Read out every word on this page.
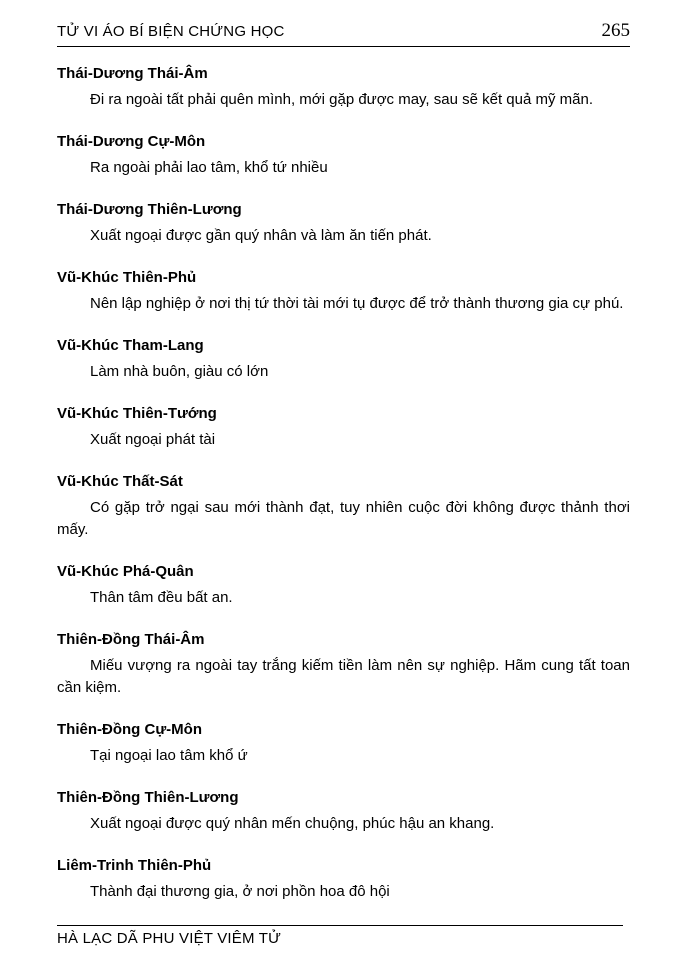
TỬ VI ÁO BÍ BIỆN CHỨNG HỌC	265
Thái-Dương Thái-Âm

Đi ra ngoài tất phải quên mình, mới gặp được may, sau sẽ kết quả mỹ mãn.

Thái-Dương Cự-Môn

Ra ngoài phải lao tâm, khổ tứ nhiều

Thái-Dương Thiên-Lương

Xuất ngoại được gần quý nhân và làm ăn tiến phát.

Vũ-Khúc Thiên-Phủ

Nên lập nghiệp ở nơi thị tứ thời tài mới tụ được để trở thành thương gia cự phú.

Vũ-Khúc Tham-Lang

Làm nhà buôn, giàu có lớn

Vũ-Khúc Thiên-Tướng

Xuất ngoại phát tài

Vũ-Khúc Thất-Sát

Có gặp trở ngại sau mới thành đạt, tuy nhiên cuộc đời không được thảnh thơi mấy.

Vũ-Khúc Phá-Quân

Thân tâm đều bất an.

Thiên-Đồng Thái-Âm

Miếu vượng ra ngoài tay trắng kiếm tiền làm nên sự nghiệp. Hãm cung tất toan cần kiệm.

Thiên-Đồng Cự-Môn

Tại ngoại lao tâm khổ ứ

Thiên-Đồng Thiên-Lương

Xuất ngoại được quý nhân mến chuộng, phúc hậu an khang.

Liêm-Trinh Thiên-Phủ

Thành đại thương gia, ở nơi phồn hoa đô hội

HÀ LẠC DÃ PHU VIỆT VIÊM TỬ
